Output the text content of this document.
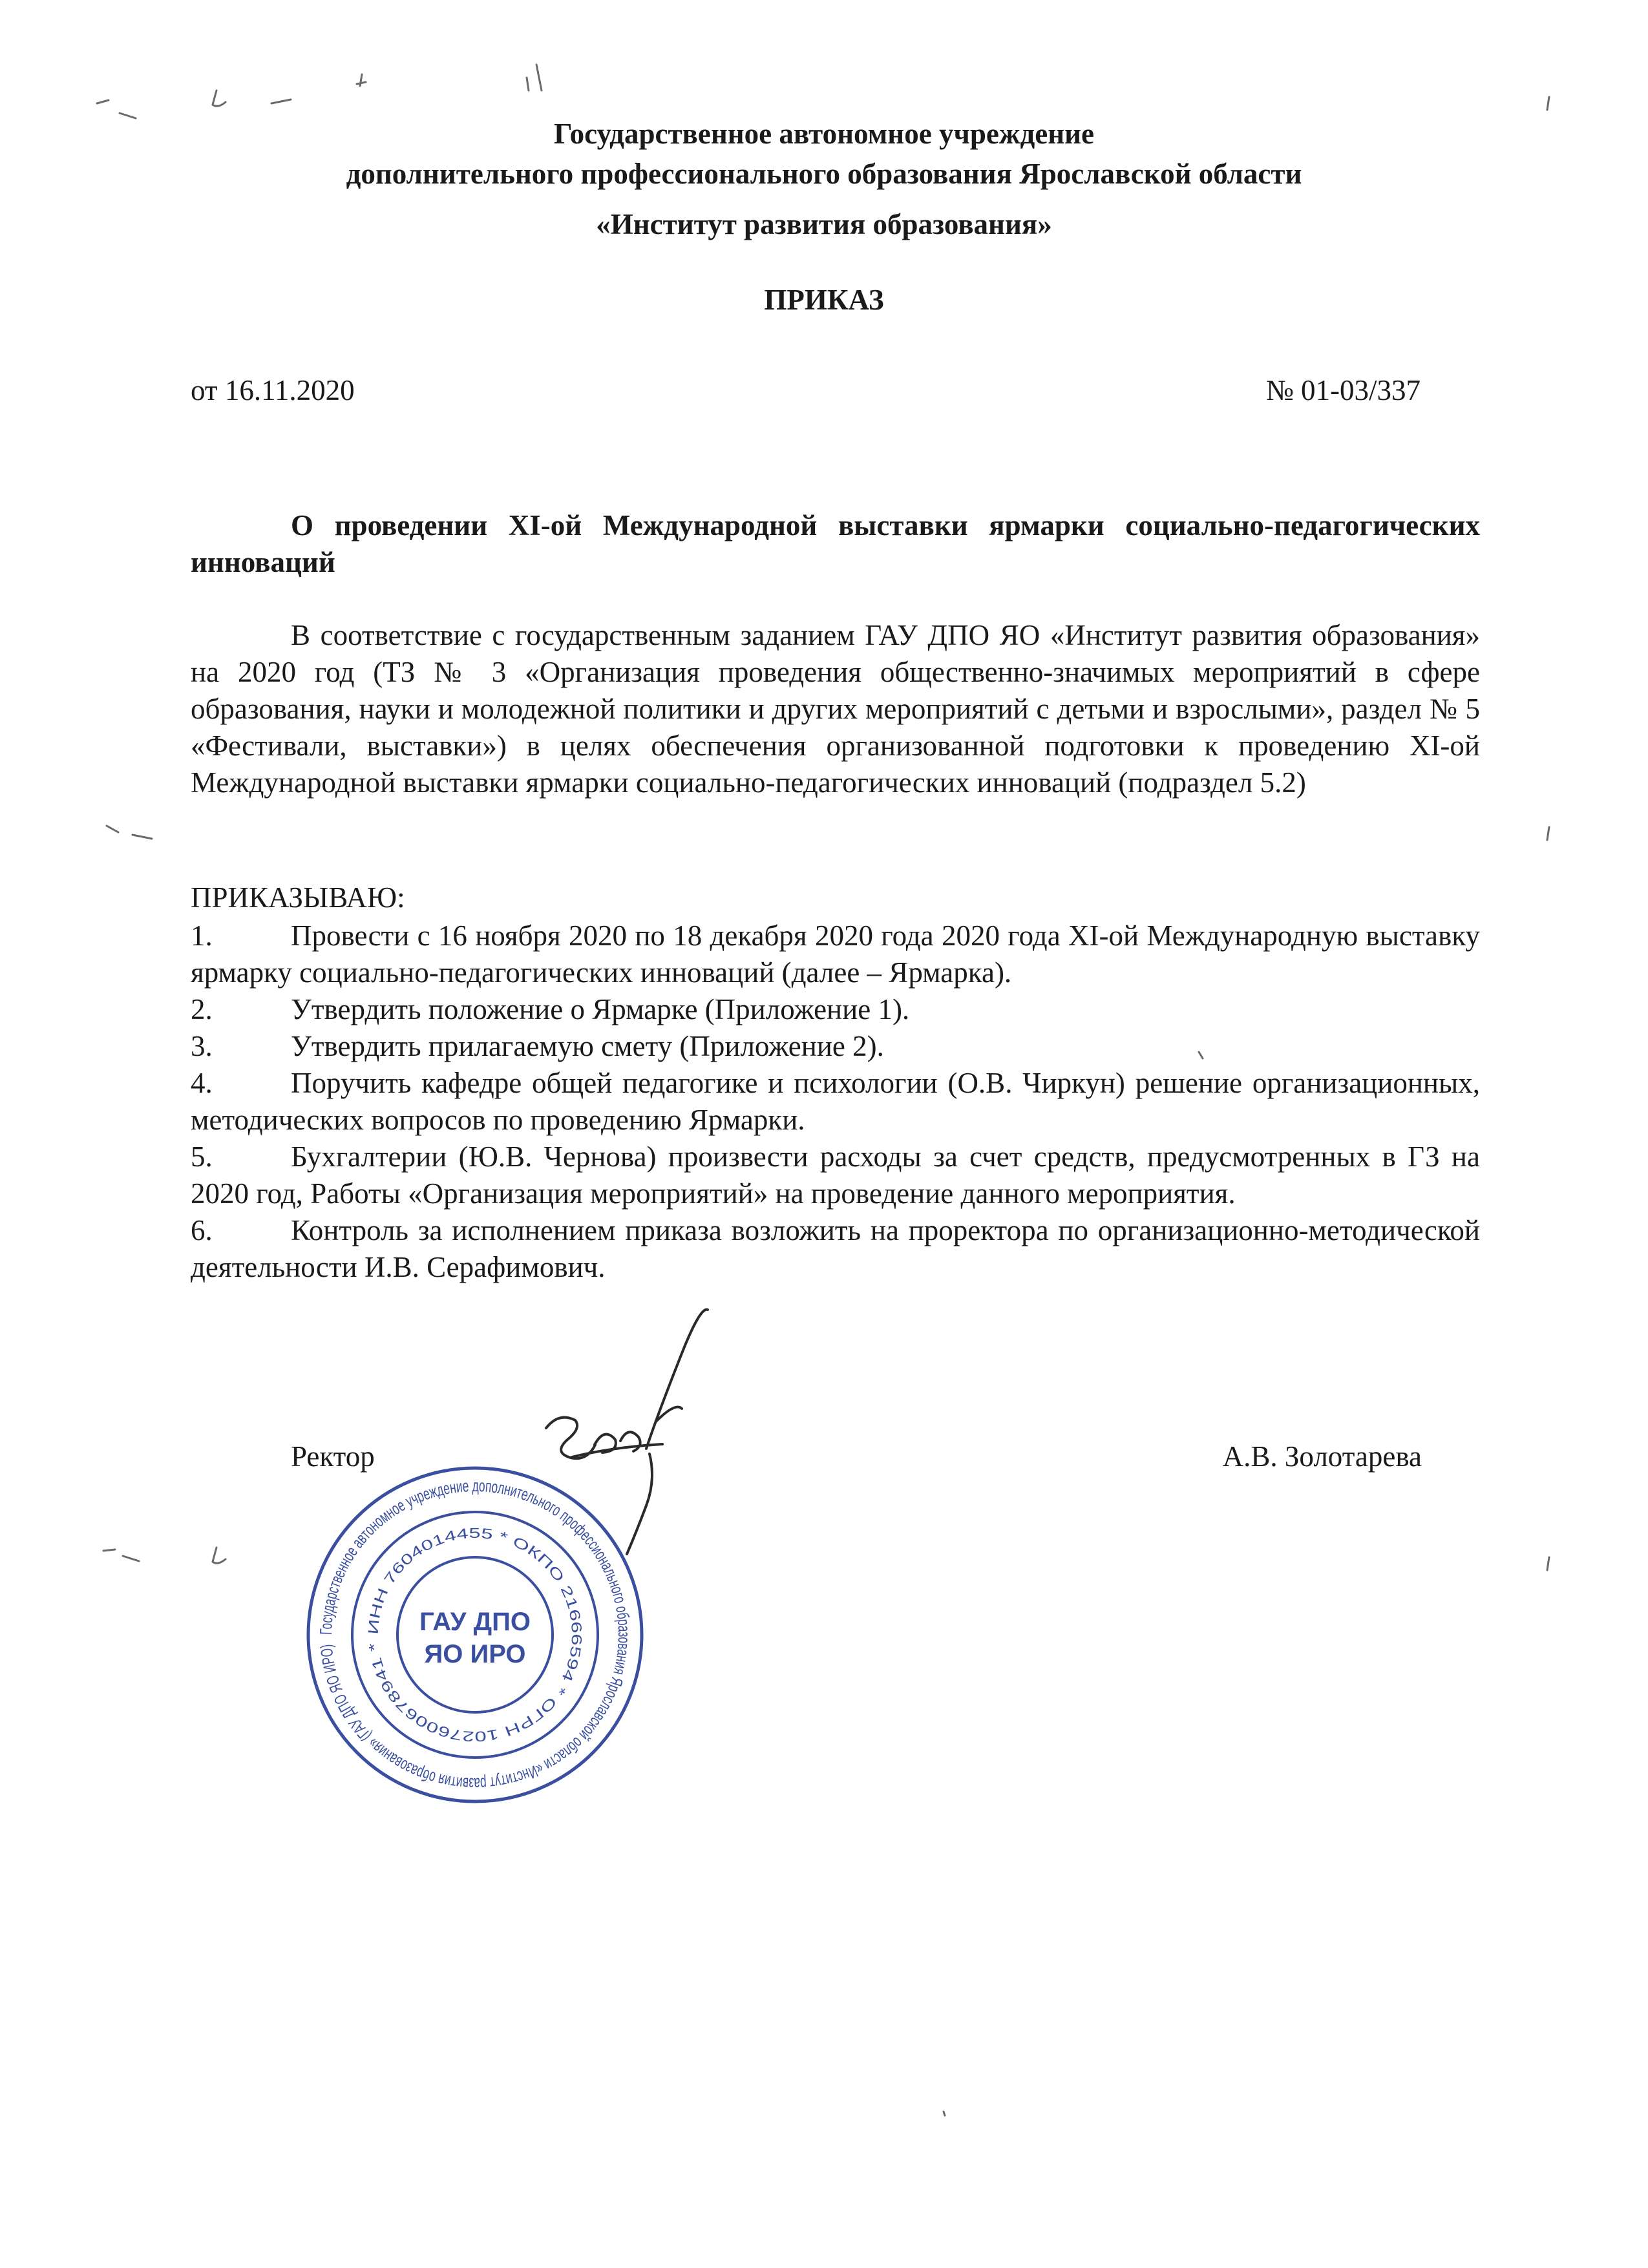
Государственное автономное учреждение
дополнительного профессионального образования Ярославской области
«Институт развития образования»
ПРИКАЗ
от 16.11.2020	№ 01-03/337
О проведении XI-ой Международной выставки ярмарки социально-педагогических инноваций
В соответствие с государственным заданием ГАУ ДПО ЯО «Институт развития образования» на 2020 год (ТЗ № 3 «Организация проведения общественно-значимых мероприятий в сфере образования, науки и молодежной политики и других мероприятий с детьми и взрослыми», раздел № 5 «Фестивали, выставки») в целях обеспечения организованной подготовки к проведению XI-ой Международной выставки ярмарки социально-педагогических инноваций (подраздел 5.2)
ПРИКАЗЫВАЮ:
1.	Провести с 16 ноября 2020 по 18 декабря 2020 года 2020 года XI-ой Международную выставку ярмарку социально-педагогических инноваций (далее – Ярмарка).
2.	Утвердить положение о Ярмарке (Приложение 1).
3.	Утвердить прилагаемую смету (Приложение 2).
4.	Поручить кафедре общей педагогике и психологии (О.В. Чиркун) решение организационных, методических вопросов по проведению Ярмарки.
5.	Бухгалтерии (Ю.В. Чернова) произвести расходы за счет средств, предусмотренных в ГЗ на 2020 год, Работы «Организация мероприятий» на проведение данного мероприятия.
6.	Контроль за исполнением приказа возложить на проректора по организационно-методической деятельности И.В. Серафимович.
Ректор	А.В. Золотарева
Государственное автономное учреждение дополнительного профессионального образования Ярославской области «Институт развития образования» (ГАУ ДПО ЯО ИРО)
ИНН 7604014455 * ОКПО 21666594 * ОГРН 1027600678941 *
ГАУ ДПО
ЯО ИРО
